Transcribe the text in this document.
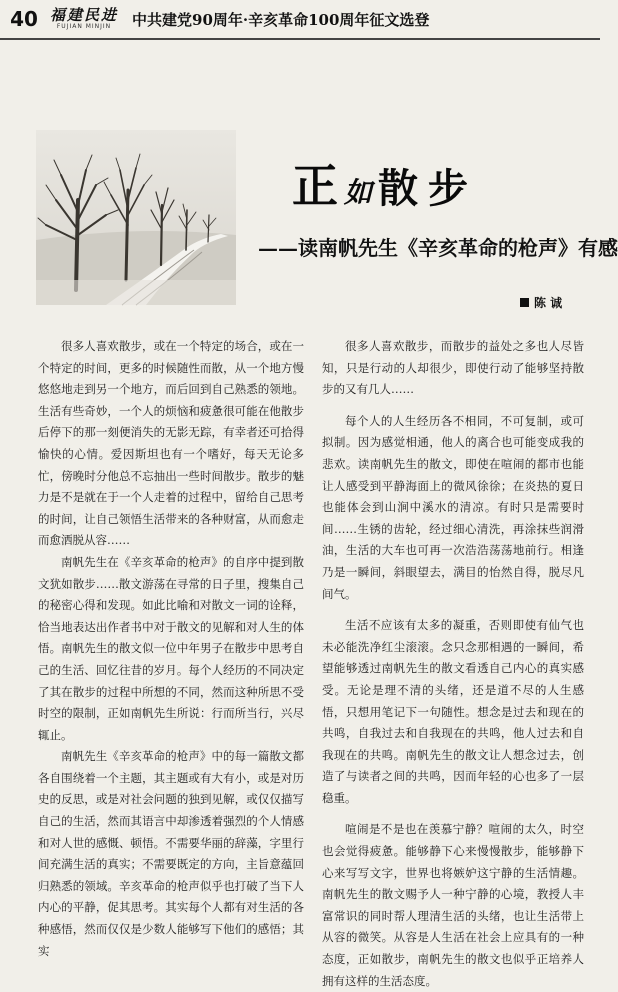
40 福建民进
FUJIAN MINJIN 中共建党90周年·辛亥革命100周年征文选登
正 如 散步
——读南帆先生《辛亥革命的枪声》有感
陈 诚

很多人喜欢散步，或在一个特定的场合，或在一个特定的时间，更多的时候随性而散，从一个地方慢悠悠地走到另一个地方，而后回到自己熟悉的领地。生活有些奇妙，一个人的烦恼和疲惫很可能在他散步后停下的那一刻便消失的无影无踪，有幸者还可拾得愉快的心情。爱因斯坦也有一个嗜好，每天无论多忙，傍晚时分他总不忘抽出一些时间散步。散步的魅力是不是就在于一个人走着的过程中，留给自己思考的时间，让自己领悟生活带来的各种财富，从而愈走而愈洒脱从容……

南帆先生在《辛亥革命的枪声》的自序中提到散文犹如散步……散文游荡在寻常的日子里，搜集自己的秘密心得和发现。如此比喻和对散文一词的诠释，恰当地表达出作者书中对于散文的见解和对人生的体悟。南帆先生的散文似一位中年男子在散步中思考自己的生活、回忆往昔的岁月。每个人经历的不同决定了其在散步的过程中所想的不同，然而这种所思不受时空的限制，正如南帆先生所说：行而所当行，兴尽辄止。

南帆先生《辛亥革命的枪声》中的每一篇散文都各自围绕着一个主题，其主题或有大有小，或是对历史的反思，或是对社会问题的独到见解，或仅仅描写自己的生活，然而其语言中却渗透着强烈的个人情感和对人世的感慨、顿悟。不需要华丽的辞藻，字里行间充满生活的真实；不需要既定的方向，主旨意蕴回归熟悉的领域。辛亥革命的枪声似乎也打破了当下人内心的平静，促其思考。其实每个人都有对生活的各种感悟，然而仅仅是少数人能够写下他们的感悟；其实

很多人喜欢散步，而散步的益处之多也人尽皆知，只是行动的人却很少，即使行动了能够坚持散步的又有几人……

每个人的人生经历各不相同，不可复制，或可拟制。因为感觉相通，他人的离合也可能变成我的悲欢。读南帆先生的散文，即使在喧闹的都市也能让人感受到平静海面上的微风徐徐；在炎热的夏日也能体会到山涧中溪水的清凉。有时只是需要时间……生锈的齿轮，经过细心清洗，再涂抹些润滑油，生活的大车也可再一次浩浩荡荡地前行。相逢乃是一瞬间，斜眼望去，满目的怡然自得，脱尽凡间气。

生活不应该有太多的凝重，否则即使有仙气也未必能洗净红尘滚滚。念只念那相遇的一瞬间，希望能够透过南帆先生的散文看透自己内心的真实感受。无论是理不清的头绪，还是道不尽的人生感悟，只想用笔记下一句随性。想念是过去和现在的共鸣，自我过去和自我现在的共鸣，他人过去和自我现在的共鸣。南帆先生的散文让人想念过去，创造了与读者之间的共鸣，因而年轻的心也多了一层稳重。

喧闹是不是也在羡慕宁静？喧闹的太久，时空也会觉得疲惫。能够静下心来慢慢散步，能够静下心来写写文字，世界也将嫉妒这宁静的生活情趣。南帆先生的散文赐予人一种宁静的心境，教授人丰富常识的同时帮人理清生活的头绪，也让生活带上从容的微笑。从容是人生活在社会上应具有的一种态度，正如散步，南帆先生的散文也似乎正培养人拥有这样的生活态度。
